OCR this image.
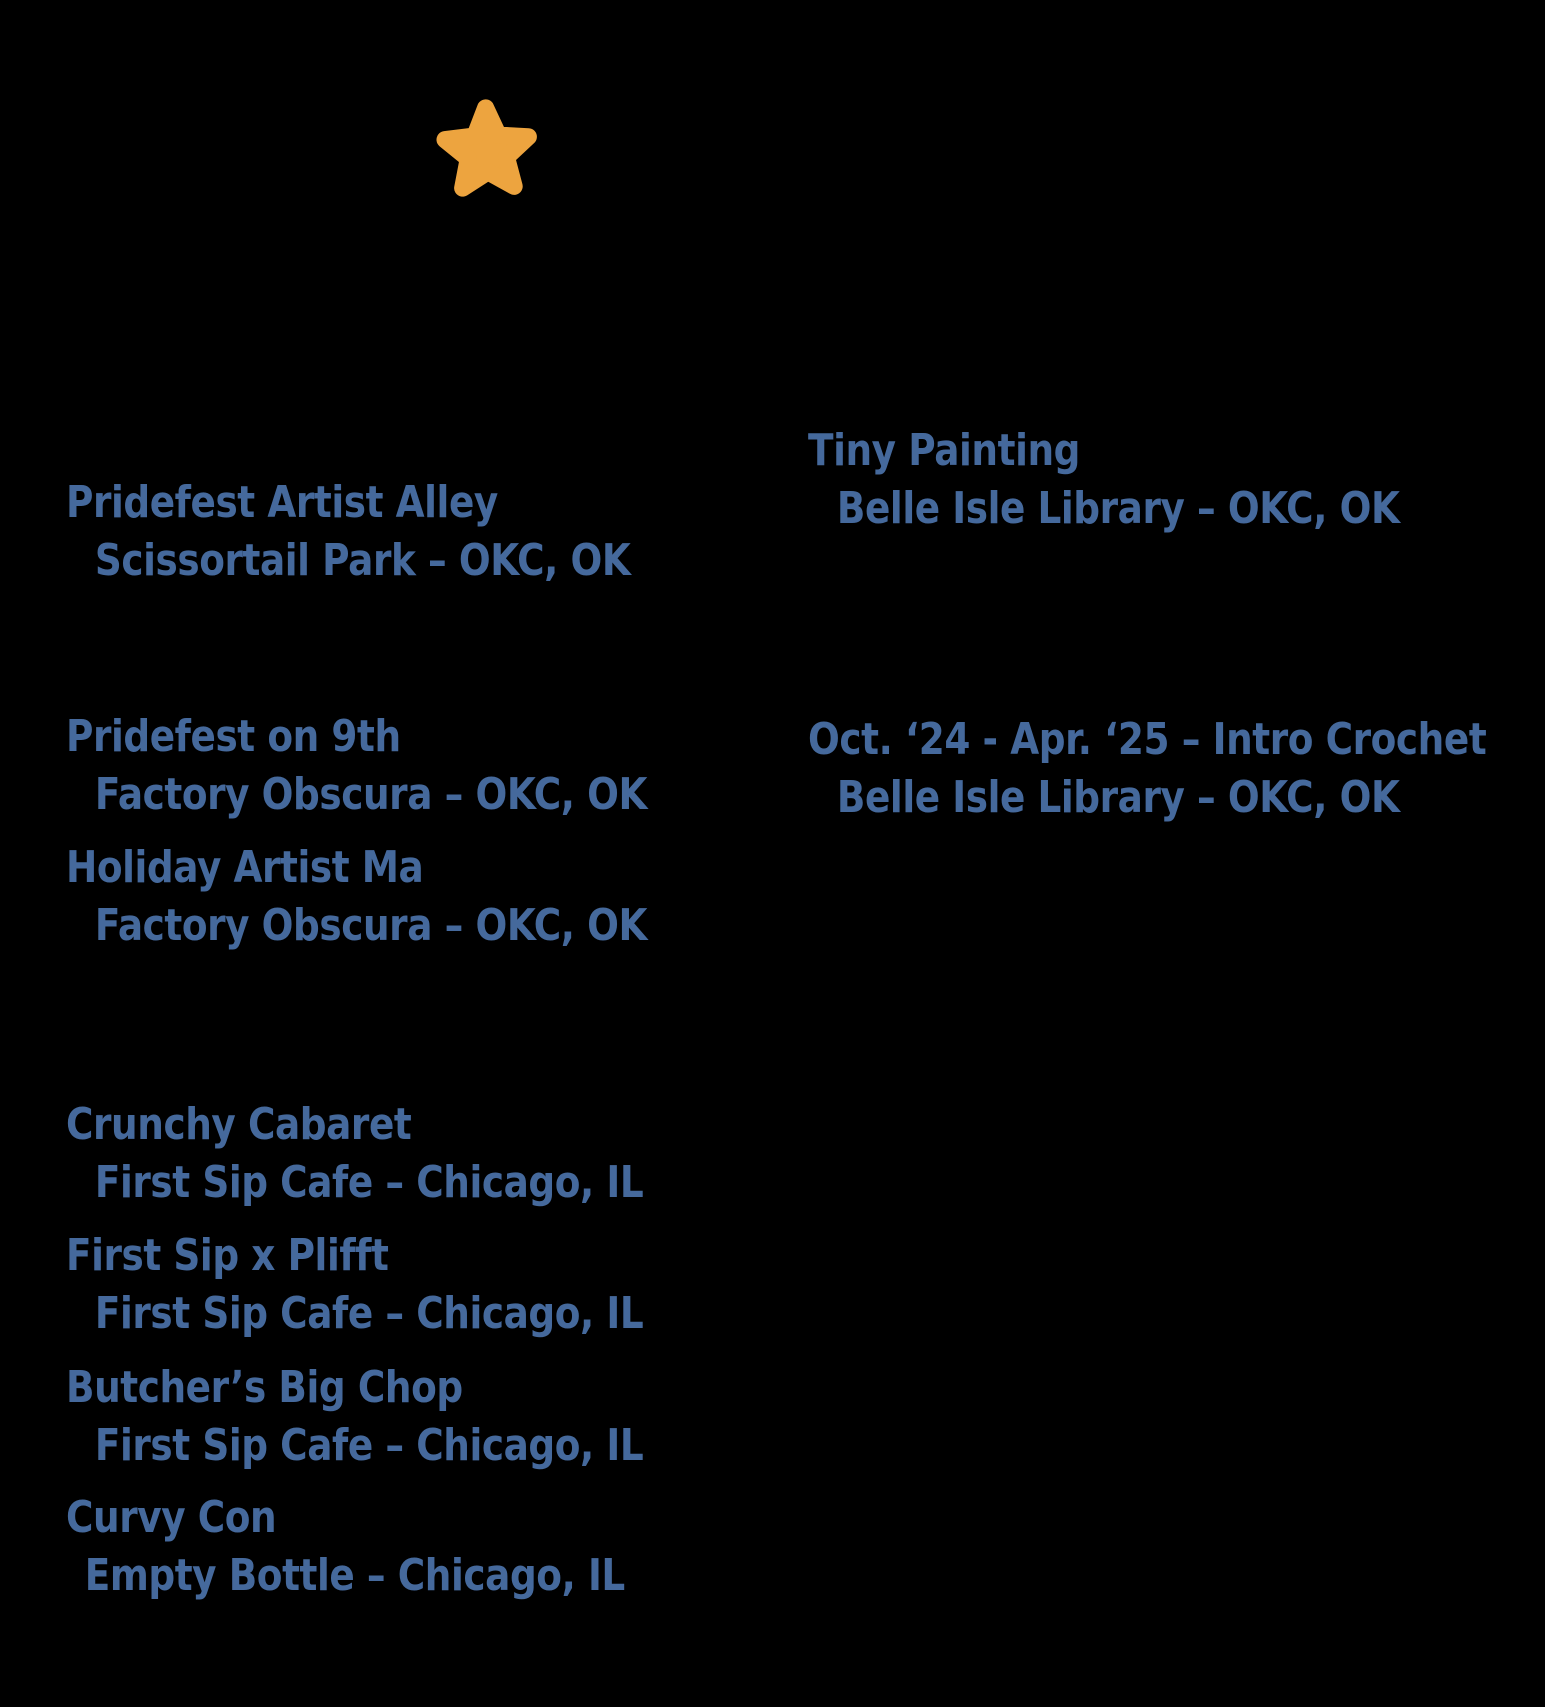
Pridefest Artist Alley
Scissortail Park – OKC, OK
Pridefest on 9th
Factory Obscura – OKC, OK
Holiday Artist Ma
Factory Obscura – OKC, OK
Crunchy Cabaret
First Sip Cafe – Chicago, IL
First Sip x Plifft
First Sip Cafe – Chicago, IL
Butcher’s Big Chop
First Sip Cafe – Chicago, IL
Curvy Con
Empty Bottle – Chicago, IL
Tiny Painting
Belle Isle Library – OKC, OK
Oct. ‘24 - Apr. ‘25 – Intro Crochet
Belle Isle Library – OKC, OK
